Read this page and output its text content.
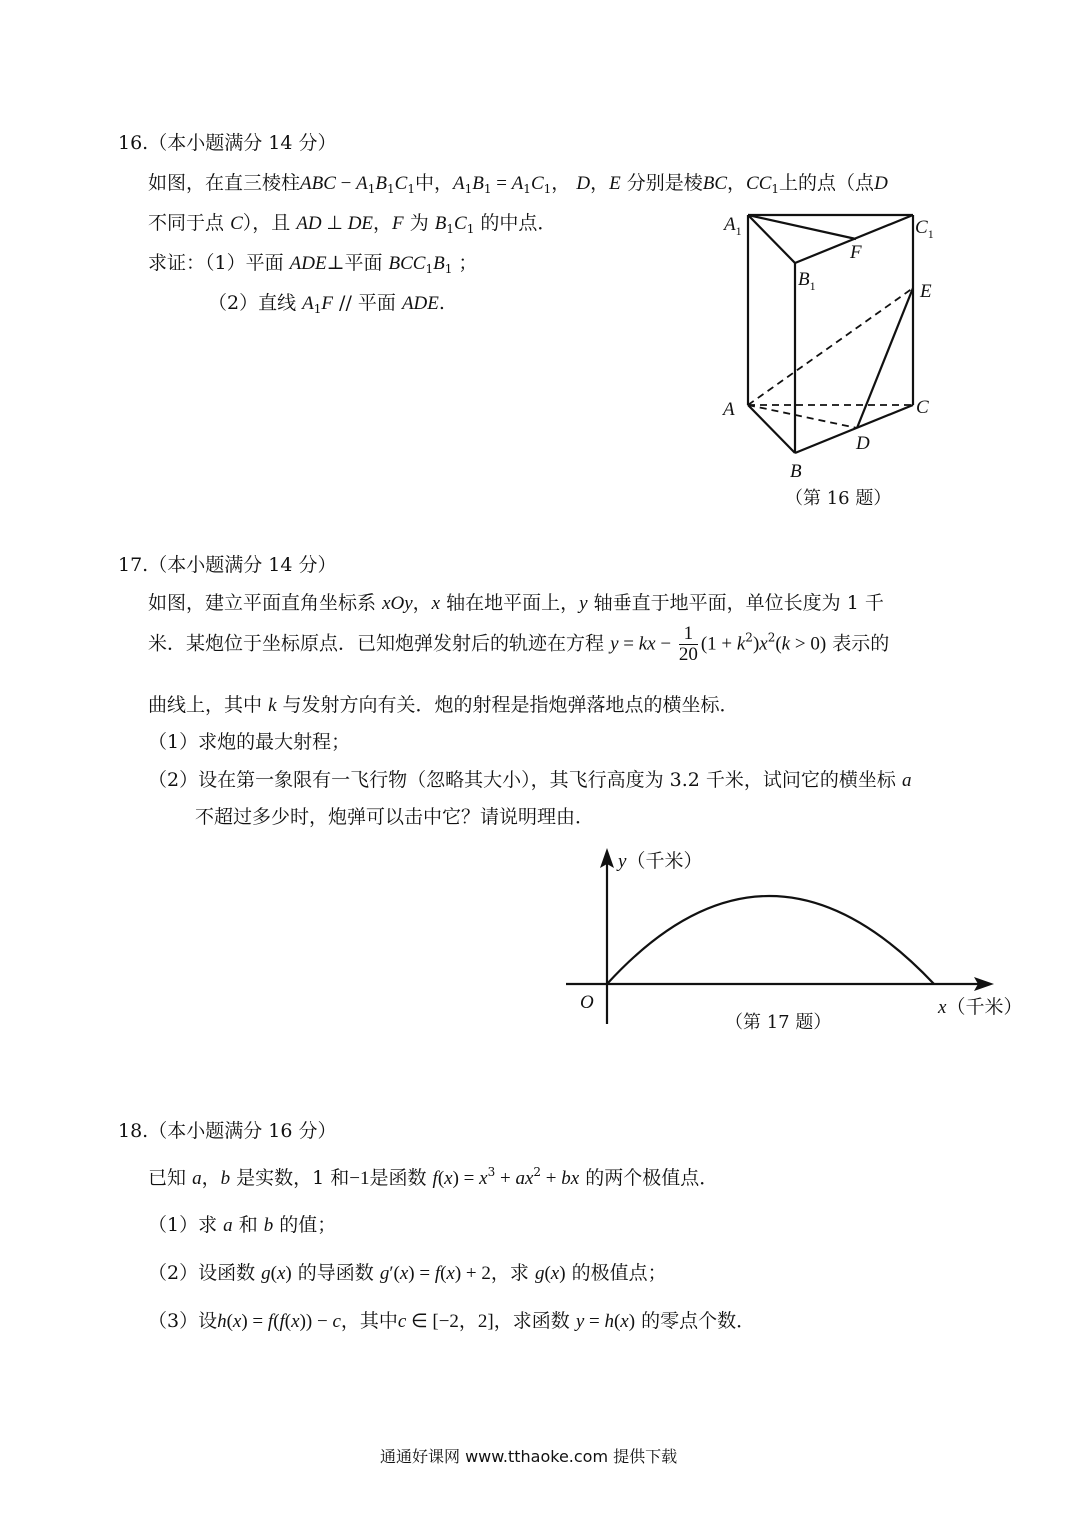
16.（本小题满分 14 分）
如图，在直三棱柱ABC − $A_1B_1C_1$中，$A_1B_1 = A_1C_1$， D，E 分别是棱BC，$CC_1$上的点（点D
不同于点 C），且 AD ⊥ DE，F 为 $B_1C_1$ 的中点．
求证：（1）平面 ADE⊥平面 $BCC_1B_1$ ；
（2）直线 $A_1F$ // 平面 ADE.
$A_1$	$C_1$
F
$B_1$	E
A	C
D
B
（第 16 题）
17.（本小题满分 14 分）
如图，建立平面直角坐标系 xOy，x 轴在地平面上，y 轴垂直于地平面，单位长度为 1 千
米．某炮位于坐标原点．已知炮弹发射后的轨迹在方程 y = kx − $\frac{1}{20} (1 + k^2)x^2(k > 0)$ 表示的
曲线上，其中 k 与发射方向有关．炮的射程是指炮弹落地点的横坐标．
（1）求炮的最大射程；
（2）设在第一象限有一飞行物（忽略其大小），其飞行高度为 3.2 千米，试问它的横坐标 a
不超过多少时，炮弹可以击中它？请说明理由．
O
y（千米）
x（千米）
（第 17 题）
18.（本小题满分 16 分）
已知 a，b 是实数，1 和−1是函数 $f(x) = x^3 + ax^2$ + bx 的两个极值点．
（1）求 a 和 b 的值；
（2）设函数 g(x) 的导函数 g′(x) = f(x) + 2，求 g(x) 的极值点；
（3）设h(x) = f(f(x)) − c，其中c ∈ [−2，2]，求函数 y = h(x) 的零点个数．
通通好课网 www.tthaoke.com 提供下载
